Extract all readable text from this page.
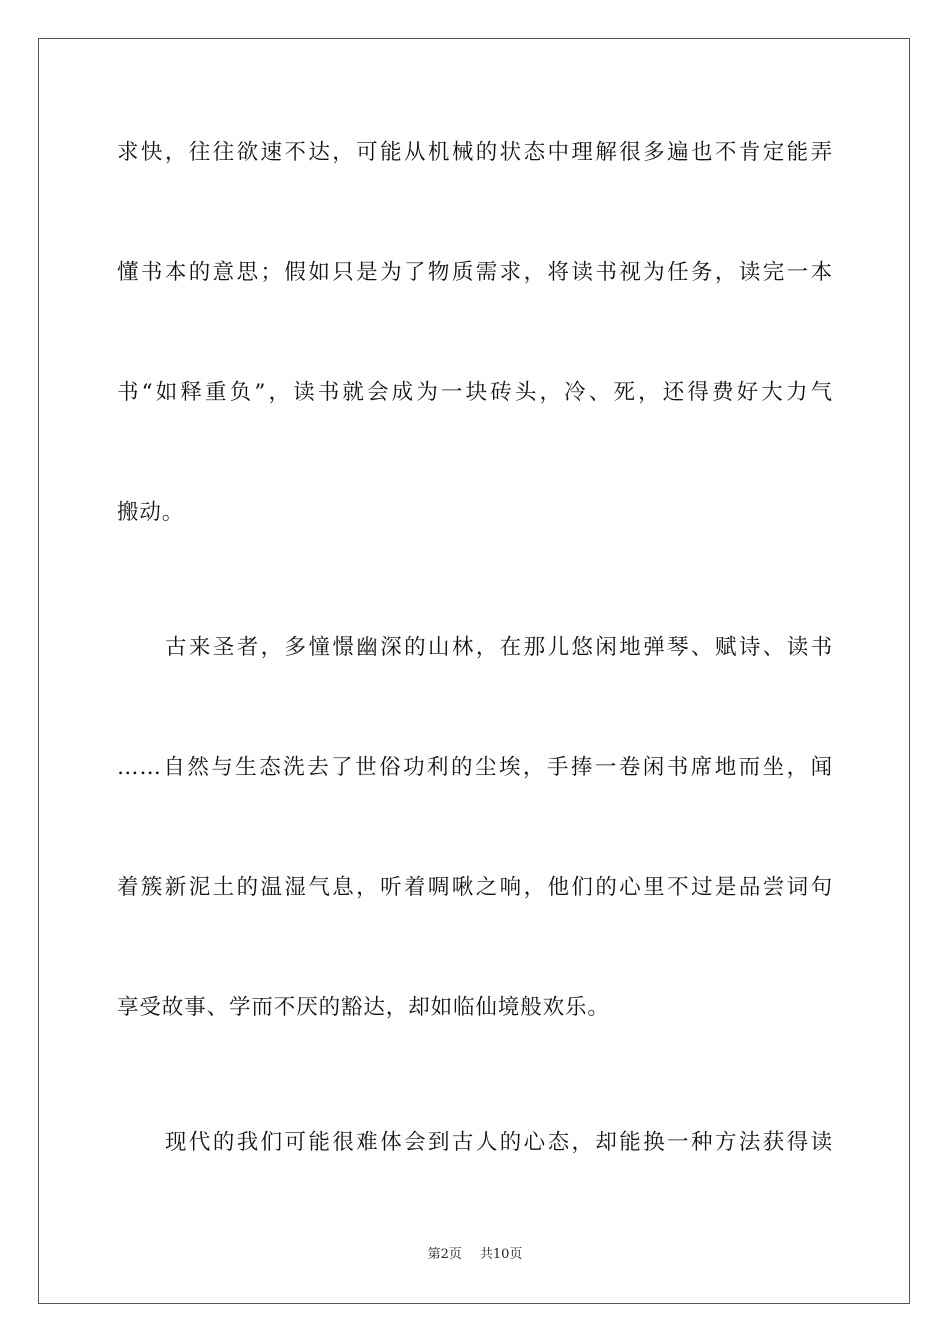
求快，往往欲速不达，可能从机械的状态中理解很多遍也不肯定能弄
懂书本的意思；假如只是为了物质需求，将读书视为任务，读完一本
书“如释重负”，读书就会成为一块砖头，冷、死，还得费好大力气
搬动。
古来圣者，多憧憬幽深的山林，在那儿悠闲地弹琴、赋诗、读书
……自然与生态洗去了世俗功利的尘埃，手捧一卷闲书席地而坐，闻
着簇新泥土的温湿气息，听着啁啾之响，他们的心里不过是品尝词句
享受故事、学而不厌的豁达，却如临仙境般欢乐。
现代的我们可能很难体会到古人的心态，却能换一种方法获得读
第2页 共10页
